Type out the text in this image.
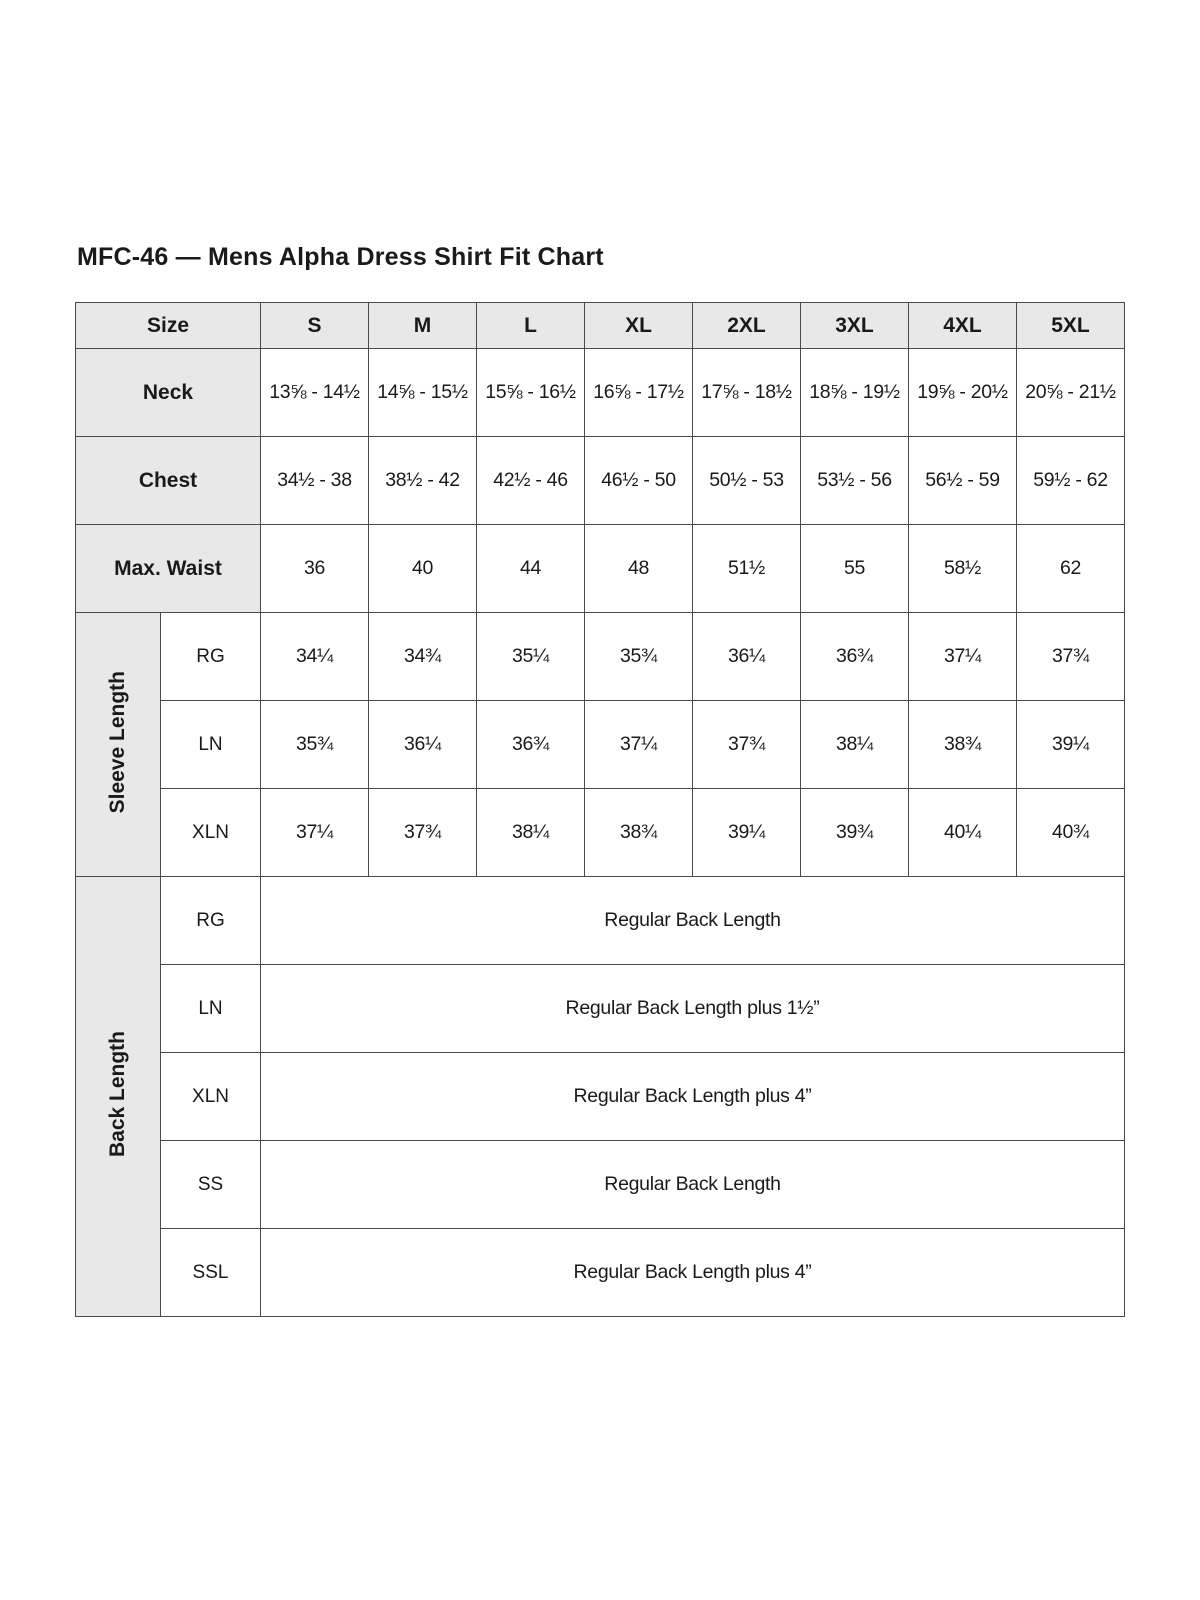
MFC-46 — Mens Alpha Dress Shirt Fit Chart
Size		S	M	L	XL	2XL	3XL	4XL	5XL
Neck		13⅝ - 14½	14⅝ - 15½	15⅝ - 16½	16⅝ - 17½	17⅝ - 18½	18⅝ - 19½	19⅝ - 20½	20⅝ - 21½
Chest		34½ - 38	38½ - 42	42½ - 46	46½ - 50	50½ - 53	53½ - 56	56½ - 59	59½ - 62
Max. Waist		36	40	44	48	51½	55	58½	62
Sleeve Length	RG	34¼	34¾	35¼	35¾	36¼	36¾	37¼	37¾
	LN	35¾	36¼	36¾	37¼	37¾	38¼	38¾	39¼
	XLN	37¼	37¾	38¼	38¾	39¼	39¾	40¼	40¾
Back Length	RG	Regular Back Length							
	LN	Regular Back Length plus 1½”							
	XLN	Regular Back Length plus 4”							
	SS	Regular Back Length							
	SSL	Regular Back Length plus 4”							
